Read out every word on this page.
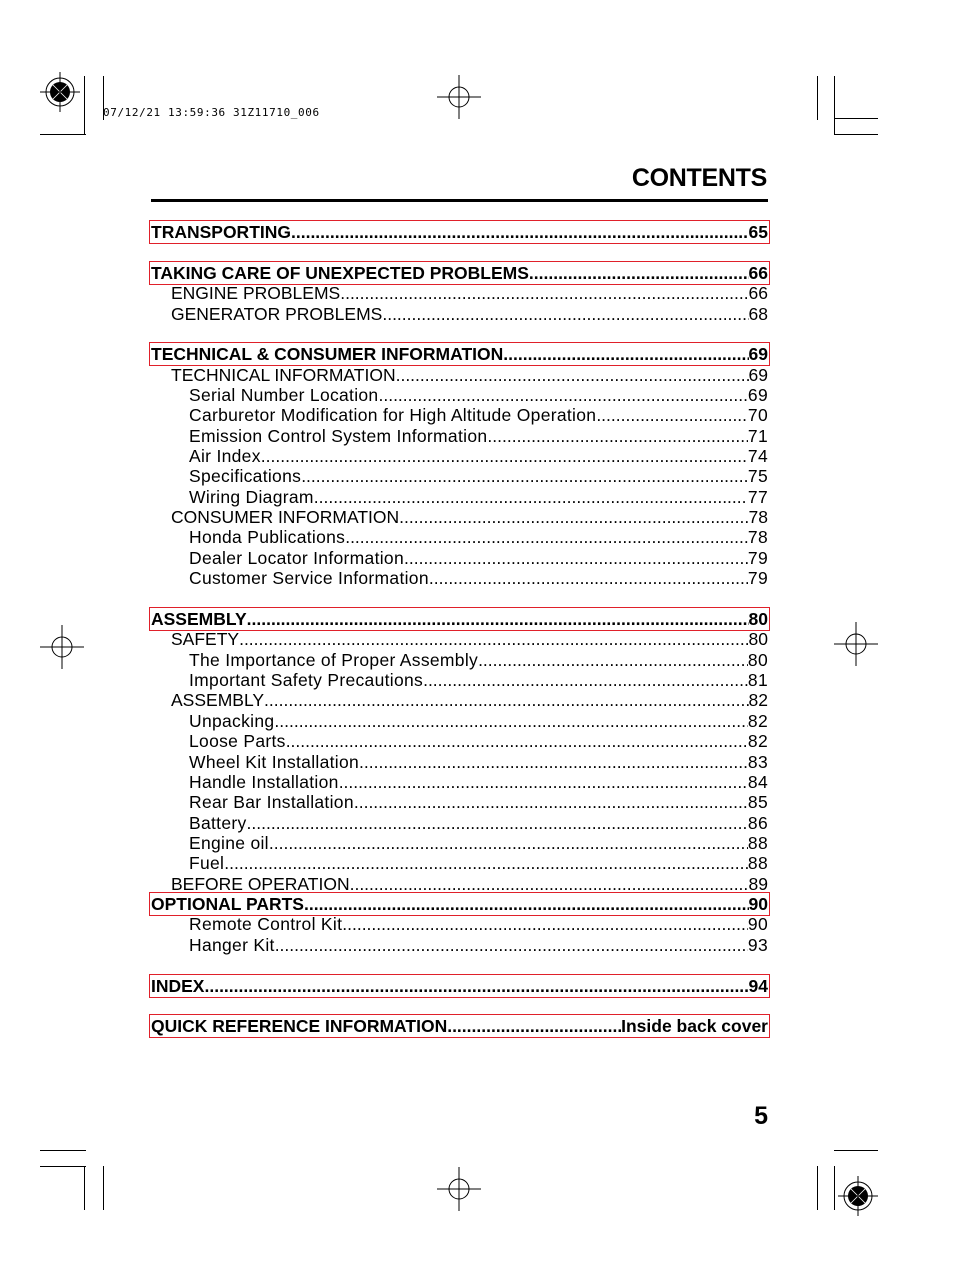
07/12/21 13:59:36 31Z11710_006
CONTENTS
TRANSPORTING .....	65
TAKING CARE OF UNEXPECTED PROBLEMS .....	66
ENGINE PROBLEMS .....	66
GENERATOR PROBLEMS .....	68
TECHNICAL & CONSUMER INFORMATION .....	69
TECHNICAL INFORMATION .....	69
Serial Number Location .....	69
Carburetor Modification for High Altitude Operation .....	70
Emission Control System Information .....	71
Air Index .....	74
Specifications .....	75
Wiring Diagram .....	77
CONSUMER INFORMATION .....	78
Honda Publications .....	78
Dealer Locator Information .....	79
Customer Service Information .....	79
ASSEMBLY .....	80
SAFETY .....	80
The Importance of Proper Assembly .....	80
Important Safety Precautions .....	81
ASSEMBLY .....	82
Unpacking .....	82
Loose Parts .....	82
Wheel Kit Installation .....	83
Handle Installation .....	84
Rear Bar Installation .....	85
Battery .....	86
Engine oil .....	88
Fuel .....	88
BEFORE OPERATION .....	89
OPTIONAL PARTS .....	90
Remote Control Kit .....	90
Hanger Kit .....	93
INDEX .....	94
QUICK REFERENCE INFORMATION .....	Inside back cover
5
